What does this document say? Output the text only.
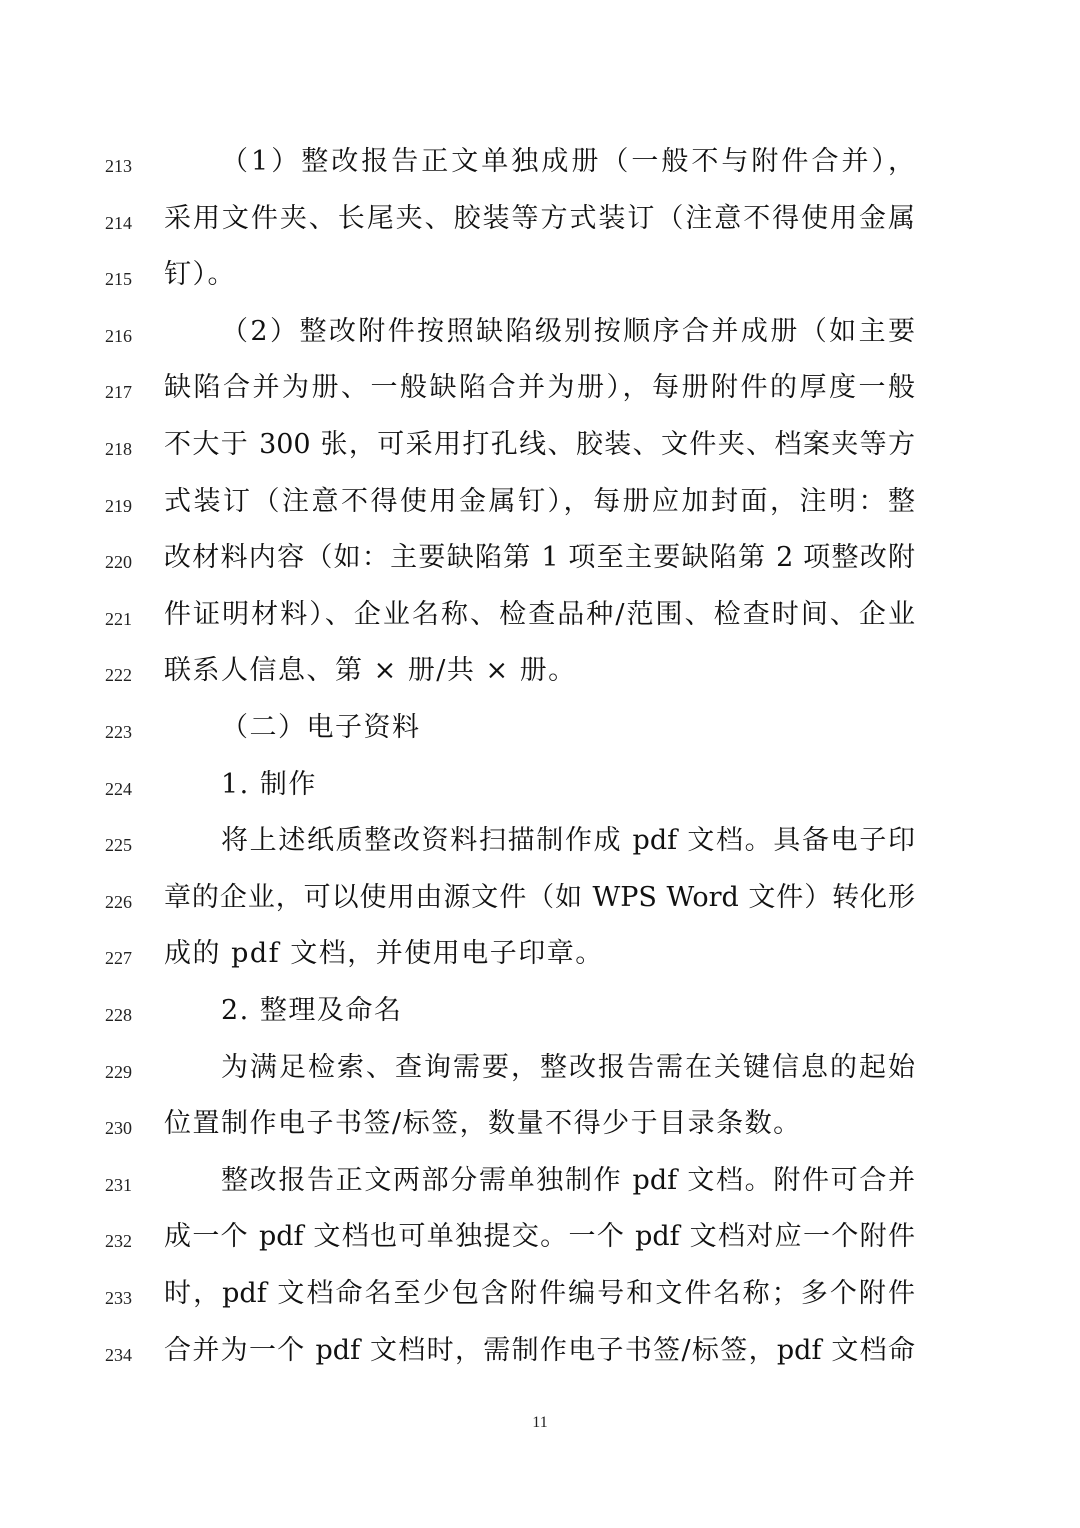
213	（1）整改报告正文单独成册（一般不与附件合并），
214 采用文件夹、长尾夹、胶装等方式装订（注意不得使用金属
215 钉）。
216	（2）整改附件按照缺陷级别按顺序合并成册（如主要
217 缺陷合并为册、一般缺陷合并为册），每册附件的厚度一般
218 不大于 300 张，可采用打孔线、胶装、文件夹、档案夹等方
219 式装订（注意不得使用金属钉），每册应加封面，注明：整
220 改材料内容（如：主要缺陷第 1 项至主要缺陷第 2 项整改附
221 件证明材料）、企业名称、检查品种/范围、检查时间、企业
222 联系人信息、第 × 册/共 × 册。
223	（二）电子资料
224	1. 制作
225	将上述纸质整改资料扫描制作成 pdf 文档。具备电子印
226 章的企业，可以使用由源文件（如 WPS Word 文件）转化形
227 成的 pdf 文档，并使用电子印章。
228	2. 整理及命名
229	为满足检索、查询需要，整改报告需在关键信息的起始
230 位置制作电子书签/标签，数量不得少于目录条数。
231	整改报告正文两部分需单独制作 pdf 文档。附件可合并
232 成一个 pdf 文档也可单独提交。一个 pdf 文档对应一个附件
233 时，pdf 文档命名至少包含附件编号和文件名称；多个附件
234 合并为一个 pdf 文档时，需制作电子书签/标签，pdf 文档命
11
